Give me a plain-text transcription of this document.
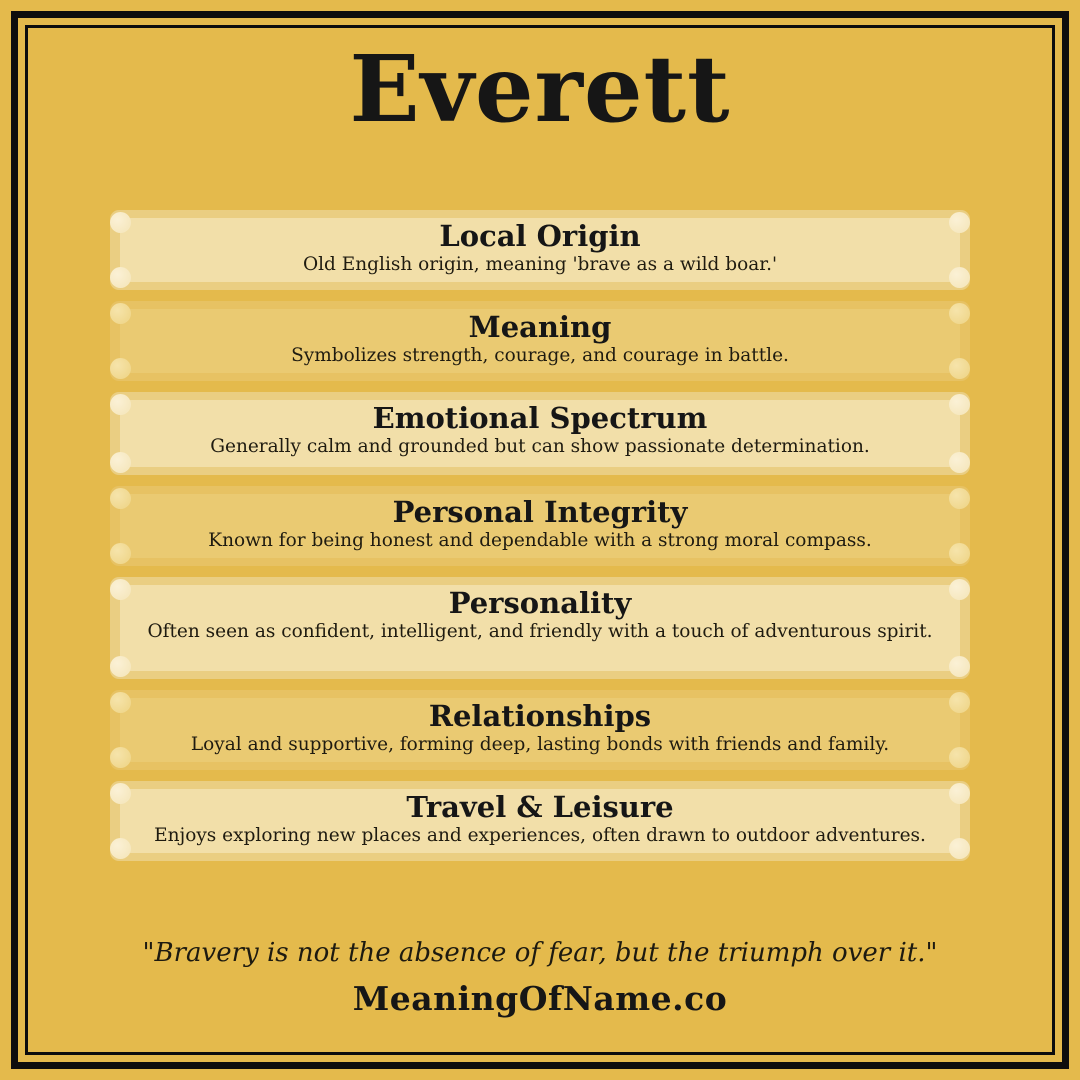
Everett
Local Origin

Old English origin, meaning 'brave as a wild boar.'

Meaning

Symbolizes strength, courage, and courage in battle.

Emotional Spectrum

Generally calm and grounded but can show passionate determination.

Personal Integrity

Known for being honest and dependable with a strong moral compass.

Personality

Often seen as confident, intelligent, and friendly with a touch of adventurous spirit.

Relationships

Loyal and supportive, forming deep, lasting bonds with friends and family.

Travel & Leisure

Enjoys exploring new places and experiences, often drawn to outdoor adventures.

"Bravery is not the absence of fear, but the triumph over it."

MeaningOfName.co
